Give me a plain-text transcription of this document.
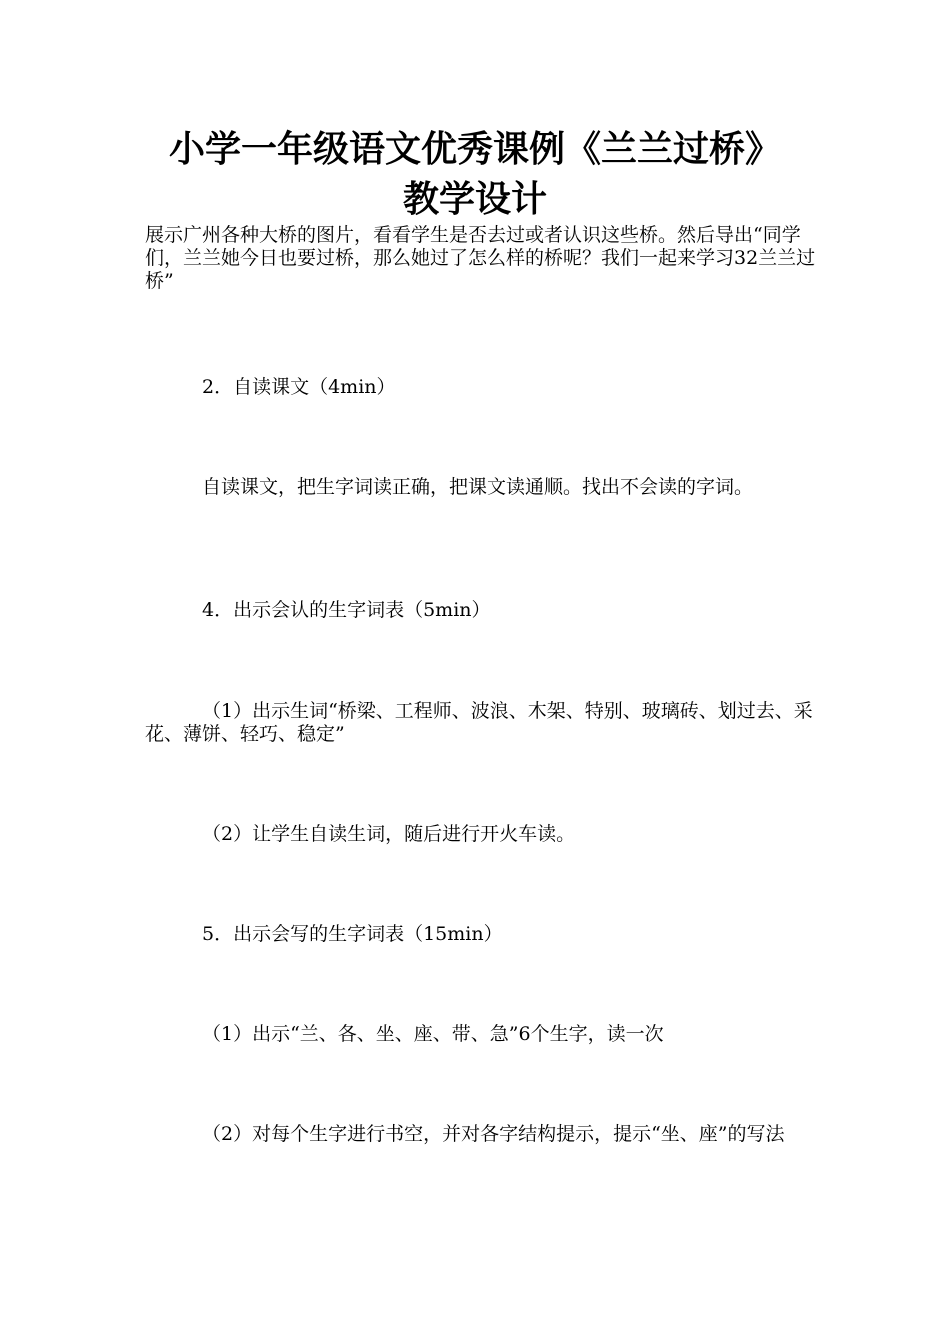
小学一年级语文优秀课例《兰兰过桥》
教学设计

展示广州各种大桥的图片，看看学生是否去过或者认识这些桥。然后导出“同学们，兰兰她今日也要过桥，那么她过了怎么样的桥呢？我们一起来学习32兰兰过桥”

2．自读课文（4min）

自读课文，把生字词读正确，把课文读通顺。找出不会读的字词。

4．出示会认的生字词表（5min）

（1）出示生词“桥梁、工程师、波浪、木架、特别、玻璃砖、划过去、采花、薄饼、轻巧、稳定”

（2）让学生自读生词，随后进行开火车读。

5．出示会写的生字词表（15min）

（1）出示“兰、各、坐、座、带、急”6个生字，读一次

（2）对每个生字进行书空，并对各字结构提示，提示“坐、座”的写法
